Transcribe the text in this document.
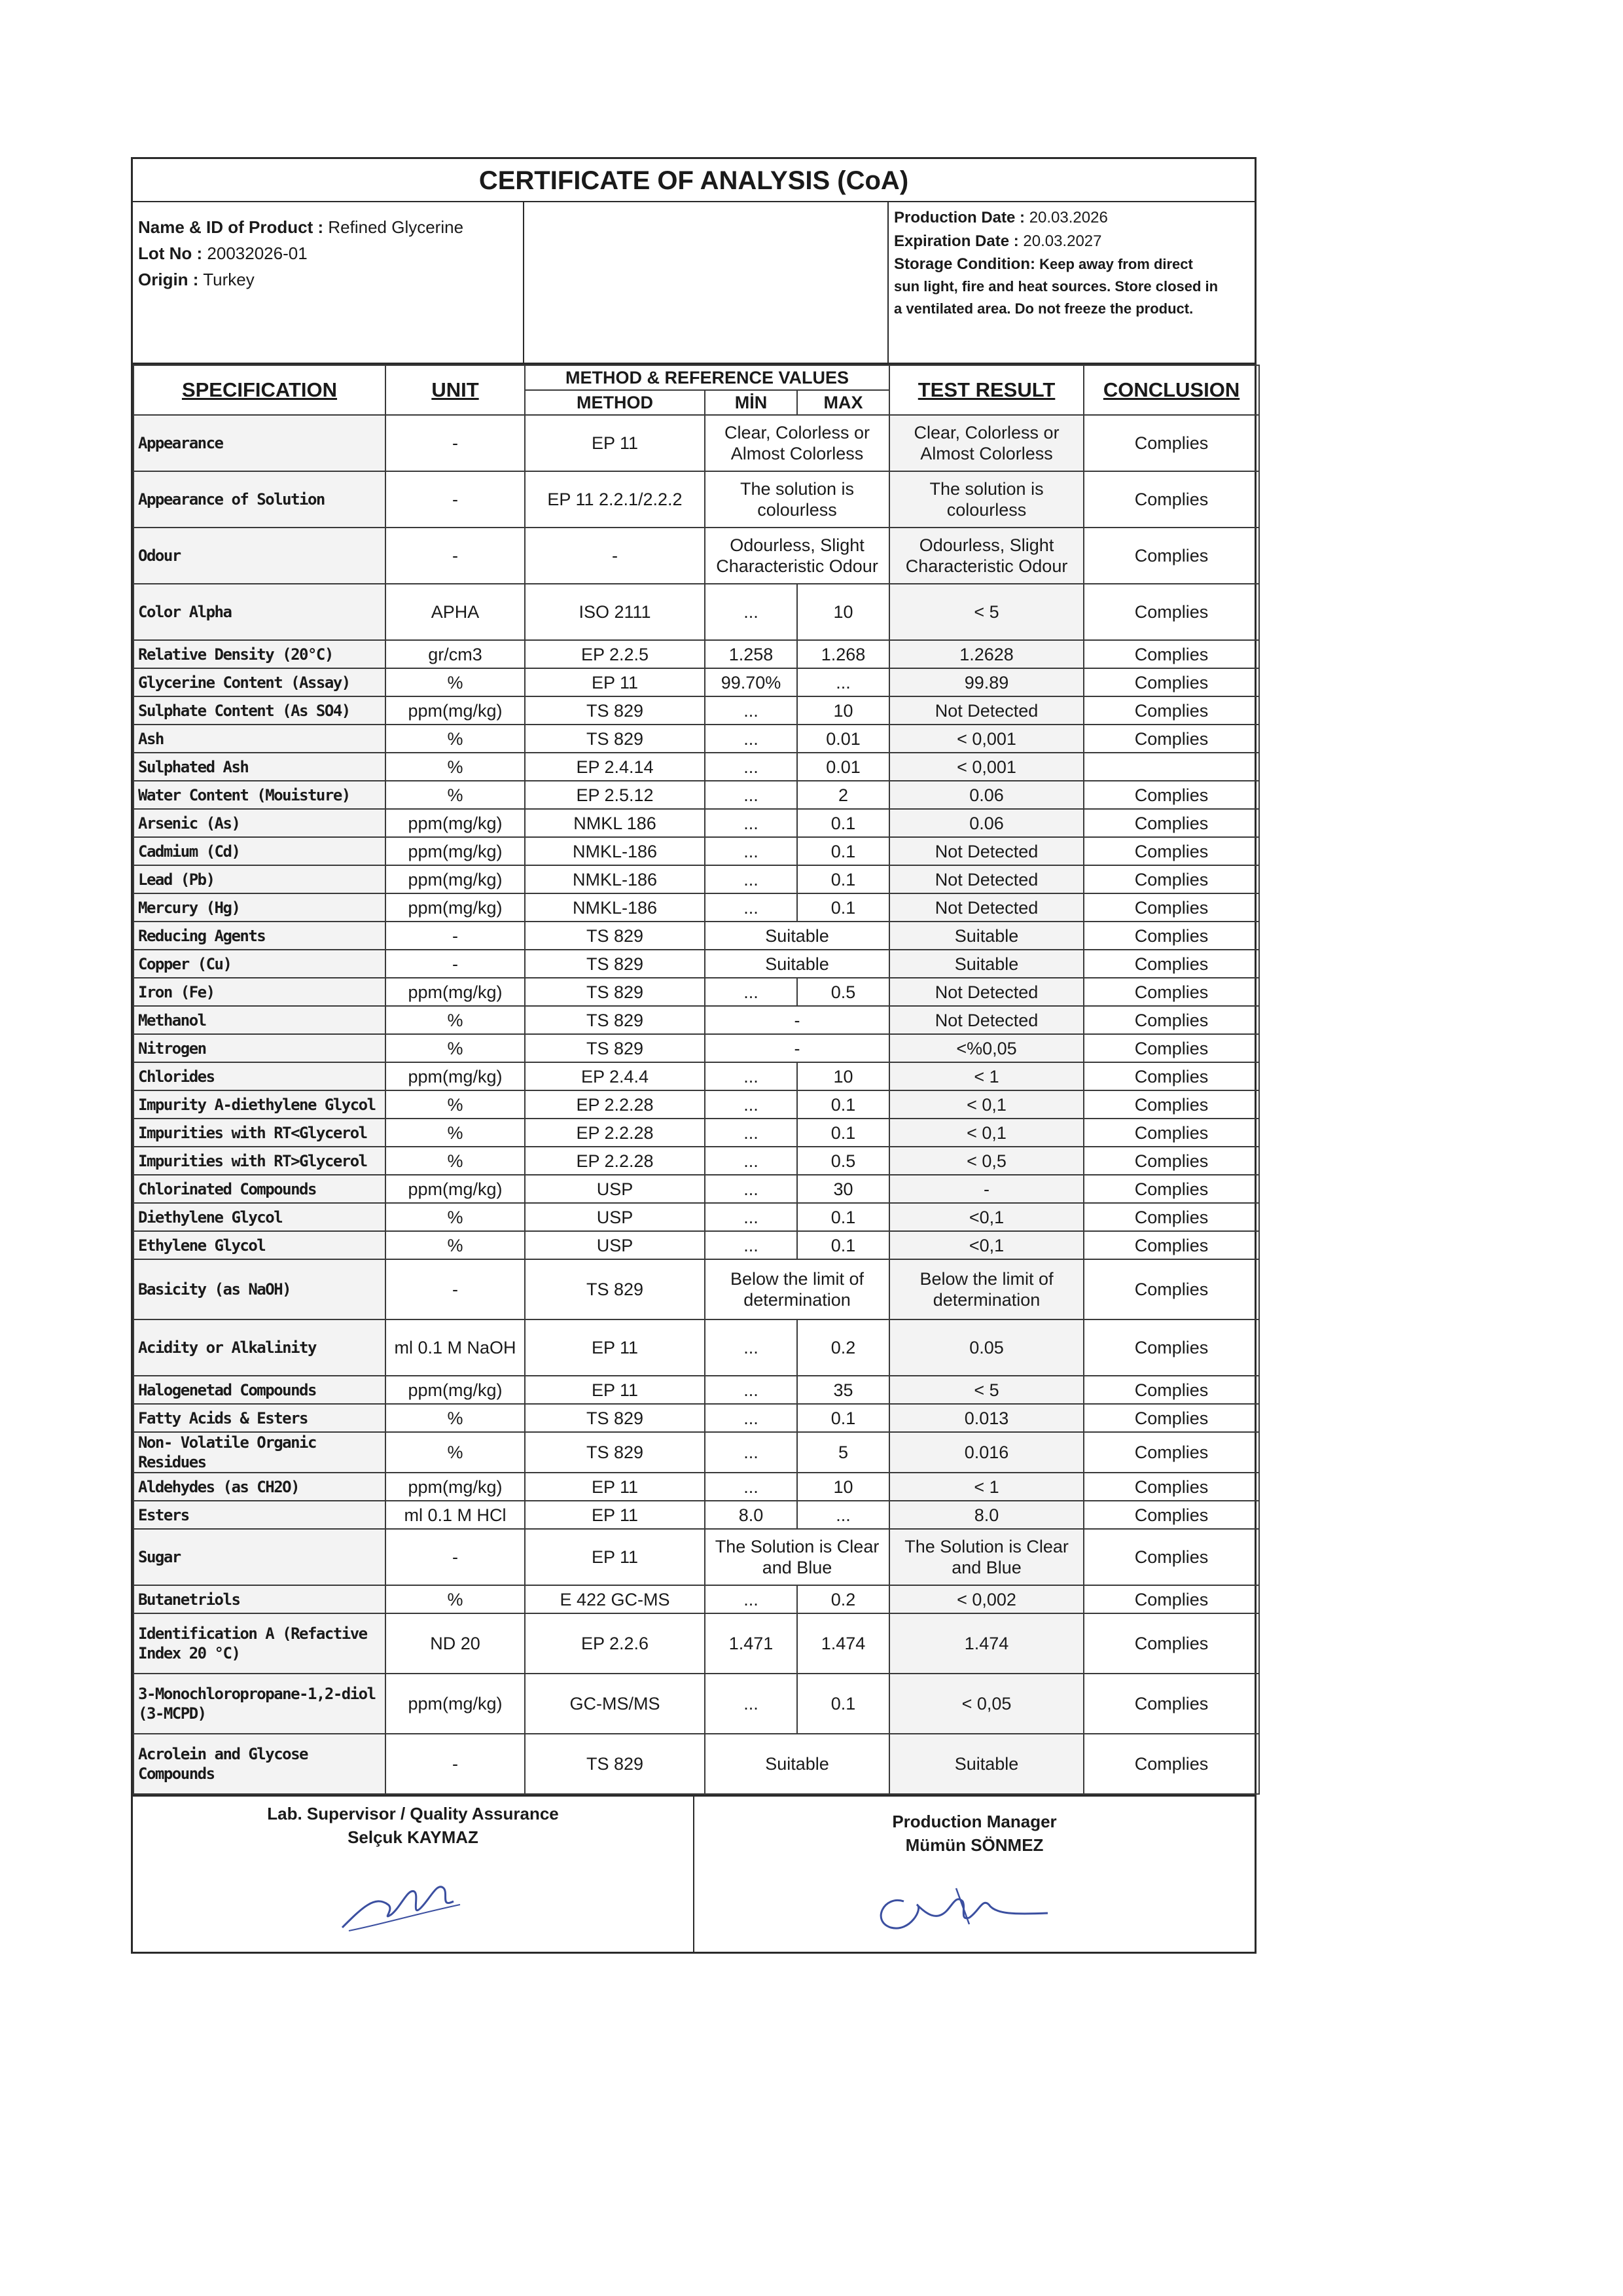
CERTIFICATE OF ANALYSIS (CoA)
Name & ID of Product : Refined Glycerine
Lot No : 20032026-01
Origin : Turkey
Production Date : 20.03.2026
Expiration Date : 20.03.2027
Storage Condition: Keep away from direct
sun light, fire and heat sources. Store closed in
a ventilated area. Do not freeze the product.
SPECIFICATION	UNIT	METHOD & REFERENCE VALUES			TEST RESULT	CONCLUSION
		METHOD	MİN	MAX		
Appearance	-	EP 11	Clear, Colorless or Almost Colorless		Clear, Colorless or Almost Colorless	Complies
Appearance of Solution	-	EP 11 2.2.1/2.2.2	The solution is colourless		The solution is colourless	Complies
Odour	-	-	Odourless, Slight Characteristic Odour		Odourless, Slight Characteristic Odour	Complies
Color Alpha	APHA	ISO 2111	...	10	< 5	Complies
Relative Density (20°C)	gr/cm3	EP 2.2.5	1.258	1.268	1.2628	Complies
Glycerine Content (Assay)	%	EP 11	99.70%	...	99.89	Complies
Sulphate Content (As SO4)	ppm(mg/kg)	TS 829	...	10	Not Detected	Complies
Ash	%	TS 829	...	0.01	< 0,001	Complies
Sulphated Ash	%	EP 2.4.14	...	0.01	< 0,001	
Water Content (Mouisture)	%	EP 2.5.12	...	2	0.06	Complies
Arsenic (As)	ppm(mg/kg)	NMKL 186	...	0.1	0.06	Complies
Cadmium (Cd)	ppm(mg/kg)	NMKL-186	...	0.1	Not Detected	Complies
Lead (Pb)	ppm(mg/kg)	NMKL-186	...	0.1	Not Detected	Complies
Mercury (Hg)	ppm(mg/kg)	NMKL-186	...	0.1	Not Detected	Complies
Reducing Agents	-	TS 829	Suitable		Suitable	Complies
Copper (Cu)	-	TS 829	Suitable		Suitable	Complies
Iron (Fe)	ppm(mg/kg)	TS 829	...	0.5	Not Detected	Complies
Methanol	%	TS 829	-		Not Detected	Complies
Nitrogen	%	TS 829	-		<%0,05	Complies
Chlorides	ppm(mg/kg)	EP 2.4.4	...	10	< 1	Complies
Impurity A-diethylene Glycol	%	EP 2.2.28	...	0.1	< 0,1	Complies
Impurities with RT<Glycerol	%	EP 2.2.28	...	0.1	< 0,1	Complies
Impurities with RT>Glycerol	%	EP 2.2.28	...	0.5	< 0,5	Complies
Chlorinated Compounds	ppm(mg/kg)	USP	...	30	-	Complies
Diethylene Glycol	%	USP	...	0.1	<0,1	Complies
Ethylene Glycol	%	USP	...	0.1	<0,1	Complies
Basicity (as NaOH)	-	TS 829	Below the limit of determination		Below the limit of determination	Complies
Acidity or Alkalinity	ml 0.1 M NaOH	EP 11	...	0.2	0.05	Complies
Halogenetad Compounds	ppm(mg/kg)	EP 11	...	35	< 5	Complies
Fatty Acids & Esters	%	TS 829	...	0.1	0.013	Complies
Non- Volatile Organic Residues	%	TS 829	...	5	0.016	Complies
Aldehydes (as CH2O)	ppm(mg/kg)	EP 11	...	10	< 1	Complies
Esters	ml 0.1 M HCl	EP 11	8.0	...	8.0	Complies
Sugar	-	EP 11	The Solution is Clear and Blue		The Solution is Clear and Blue	Complies
Butanetriols	%	E 422 GC-MS	...	0.2	< 0,002	Complies
Identification A (Refactive Index 20 °C)	ND 20	EP 2.2.6	1.471	1.474	1.474	Complies
3-Monochloropropane-1,2-diol (3-MCPD)	ppm(mg/kg)	GC-MS/MS	...	0.1	< 0,05	Complies
Acrolein and Glycose Compounds	-	TS 829	Suitable		Suitable	Complies
Lab. Supervisor / Quality Assurance
Selçuk KAYMAZ
Production Manager
Mümün SÖNMEZ
